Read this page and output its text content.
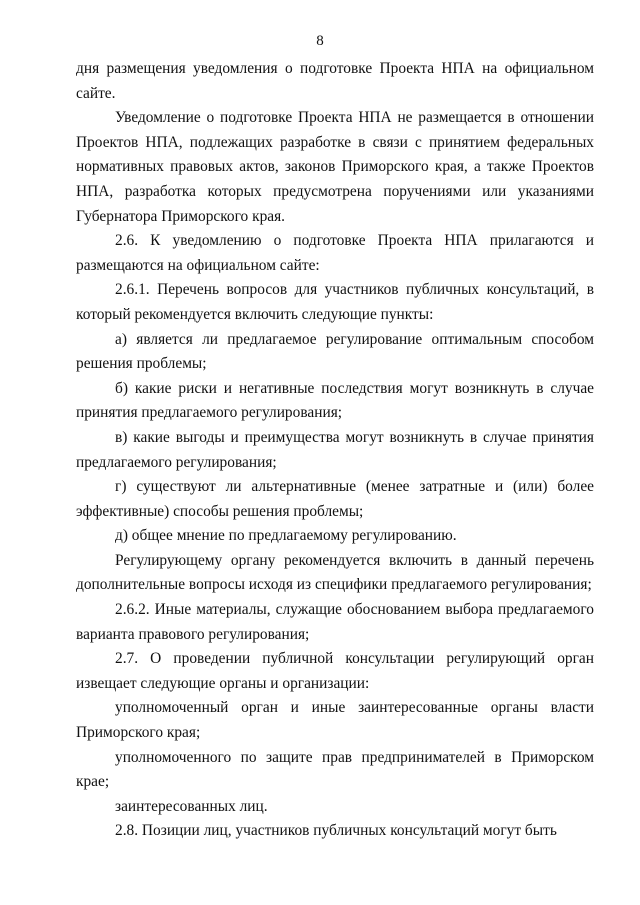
8

дня размещения уведомления о подготовке Проекта НПА на официальном сайте.

Уведомление о подготовке Проекта НПА не размещается в отношении Проектов НПА, подлежащих разработке в связи с принятием федеральных нормативных правовых актов, законов Приморского края, а также Проектов НПА, разработка которых предусмотрена поручениями или указаниями Губернатора Приморского края.

2.6. К уведомлению о подготовке Проекта НПА прилагаются и размещаются на официальном сайте:

2.6.1. Перечень вопросов для участников публичных консультаций, в который рекомендуется включить следующие пункты:

а) является ли предлагаемое регулирование оптимальным способом решения проблемы;

б) какие риски и негативные последствия могут возникнуть в случае принятия предлагаемого регулирования;

в) какие выгоды и преимущества могут возникнуть в случае принятия предлагаемого регулирования;

г) существуют ли альтернативные (менее затратные и (или) более эффективные) способы решения проблемы;

д) общее мнение по предлагаемому регулированию.

Регулирующему органу рекомендуется включить в данный перечень дополнительные вопросы исходя из специфики предлагаемого регулирования;

2.6.2. Иные материалы, служащие обоснованием выбора предлагаемого варианта правового регулирования;

2.7. О проведении публичной консультации регулирующий орган извещает следующие органы и организации:

уполномоченный орган и иные заинтересованные органы власти Приморского края;

уполномоченного по защите прав предпринимателей в Приморском крае;

заинтересованных лиц.

2.8. Позиции лиц, участников публичных консультаций могут быть
